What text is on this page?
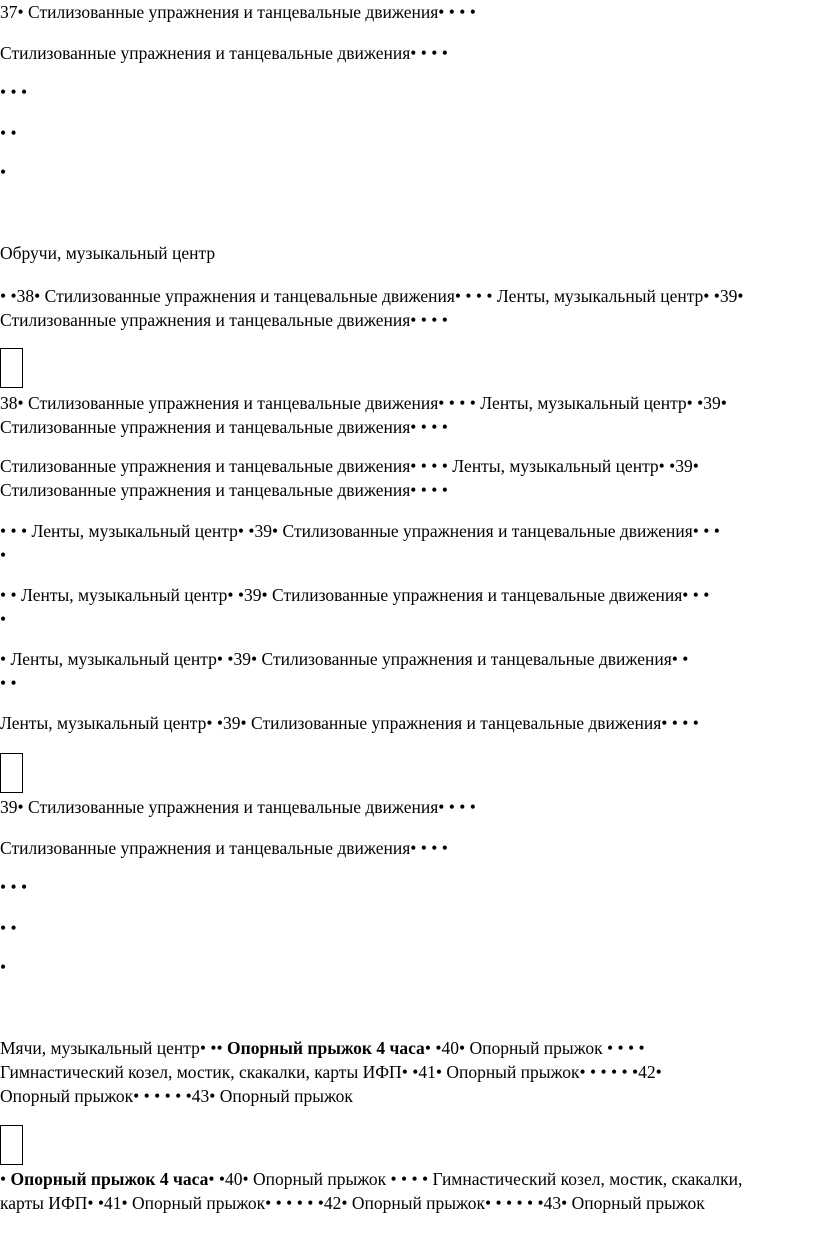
37• Стилизованные упражнения и танцевальные движения• • • •
Стилизованные упражнения и танцевальные движения• • • •
• • •
• •
•
Обручи, музыкальный центр
• •38• Стилизованные упражнения и танцевальные движения• • • • Ленты, музыкальный центр• •39• Стилизованные упражнения и танцевальные движения• • • •
38• Стилизованные упражнения и танцевальные движения• • • • Ленты, музыкальный центр• •39• Стилизованные упражнения и танцевальные движения• • • •
Стилизованные упражнения и танцевальные движения• • • • Ленты, музыкальный центр• •39• Стилизованные упражнения и танцевальные движения• • • •
• • • Ленты, музыкальный центр• •39• Стилизованные упражнения и танцевальные движения• • • •
• • Ленты, музыкальный центр• •39• Стилизованные упражнения и танцевальные движения• • • •
• Ленты, музыкальный центр• •39• Стилизованные упражнения и танцевальные движения• • • •
Ленты, музыкальный центр• •39• Стилизованные упражнения и танцевальные движения• • • •
39• Стилизованные упражнения и танцевальные движения• • • •
Стилизованные упражнения и танцевальные движения• • • •
• • •
• •
•
Мячи, музыкальный центр• •• Опорный прыжок 4 часа• •40• Опорный прыжок • • • • Гимнастический козел, мостик, скакалки, карты ИФП• •41• Опорный прыжок• • • • • •42• Опорный прыжок• • • • • •43• Опорный прыжок
• Опорный прыжок 4 часа• •40• Опорный прыжок • • • • Гимнастический козел, мостик, скакалки, карты ИФП• •41• Опорный прыжок• • • • • •42• Опорный прыжок• • • • • •43• Опорный прыжок
